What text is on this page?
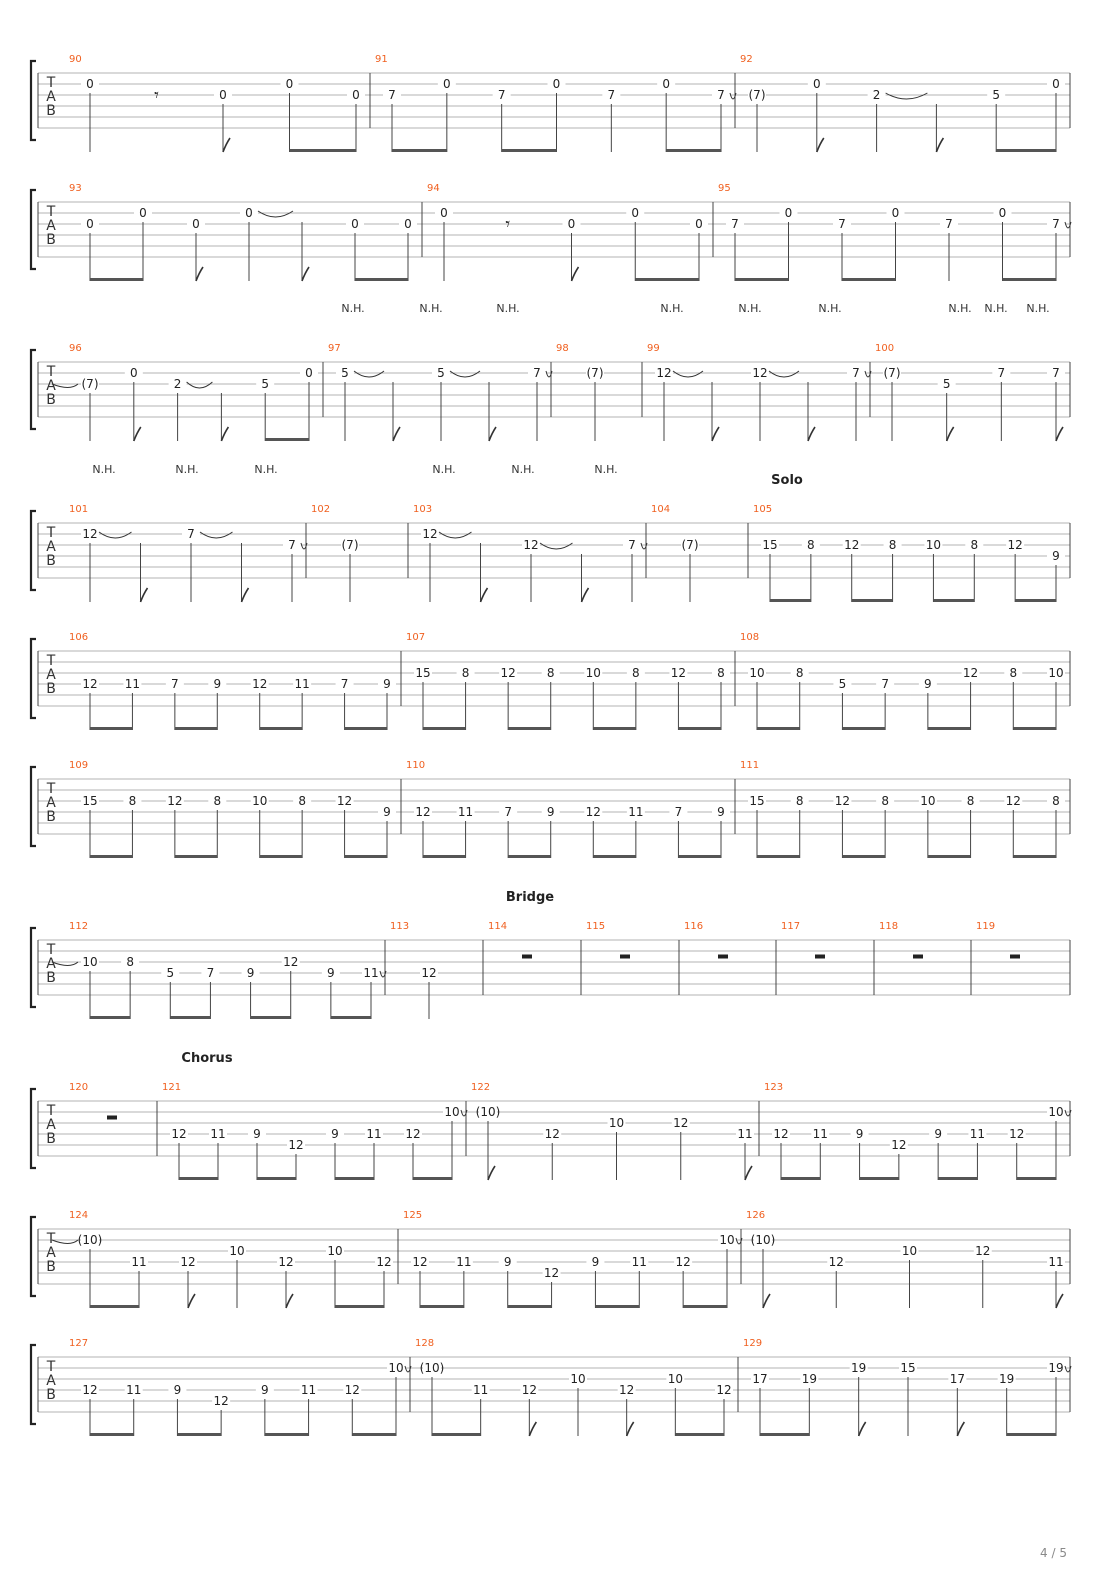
T
A
B
90
0
𝄾	0
0
0
91
7
0
7
0
7
0
7
92
(7)
0
2	5
0
T
A
B
93
0
0
0
0
0	0
94
0
𝄾	0
0
0
95
7
0
7
0
7
0
7
T
A
B
N.H.	N.H.	N.H.	N.H.	N.H.	N.H.	N.H. N.H. N.H.
96
(7)
0
2	5
0
97
5	5	7
98
(7)
99
12	12	7
100
(7)
5
7	7
T
A
B
Solo
N.H.	N.H.	N.H.	N.H.	N.H.	N.H.
101
12	7
7
102
(7)
103
12
12	7
104
(7)
105
15 8 12 8 10 8 12
9
T
A
B
106
12 11	7	9	12 11	7	9
107
15	8	12	8	10	8	12	8
108
10	8
5	7	9
12	8	10
T
A
B
109
15	8	12	8	10	8	12
9
110
12 11	7	9	12 11	7	9
111
15	8	12	8	10	8	12	8
T
A
B
Bridge
112
10 8
5	7	9
12
9 11
113
12
114	115	116	117	118	119
T
A
B
Chorus
120	121
12 11 9
12
9 11 12
10
122
(10)
12
10	12
11
123
12 11 9
12
9 11 12
10
T
A
B
124
(10)
11	12
10
12
10
12
125
12 11	9
12
9	11 12
10
126
(10)
12
10	12
11
T
A
B
127
12 11	9
12
9	11 12
10
128
(10)
11	12
10
12
10
12
129
17	19
19	15
17	19
19
4 / 5
